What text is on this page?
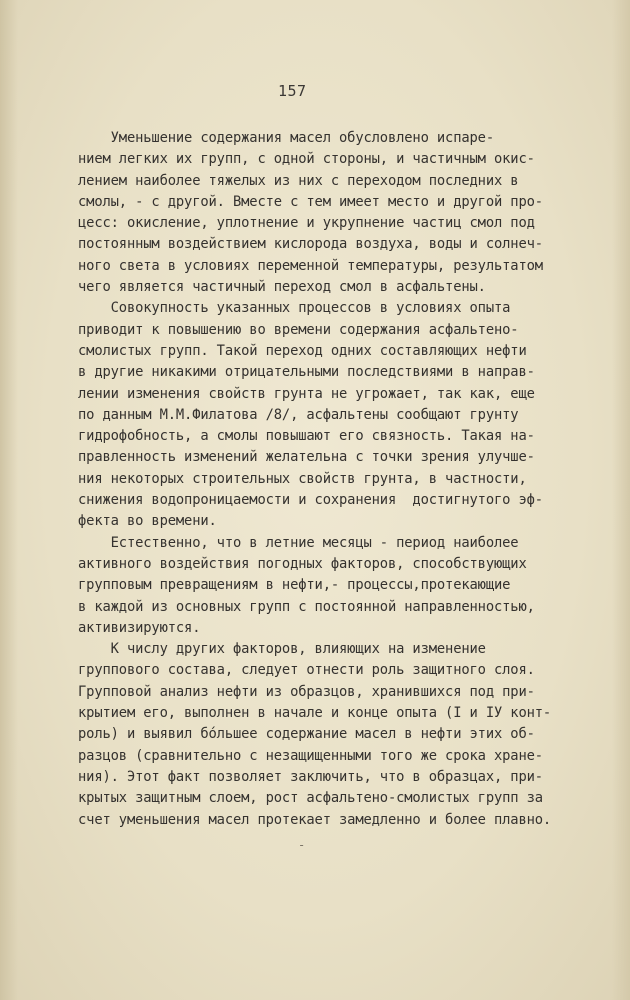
157
Уменьшение содержания масел обусловлено испаре-
нием легких их групп, с одной стороны, и частичным окис-
лением наиболее тяжелых из них с переходом последних в
смолы, - с другой. Вместе с тем имеет место и другой про-
цесс: окисление, уплотнение и укрупнение частиц смол под
постоянным воздействием кислорода воздуха, воды и солнеч-
ного света в условиях переменной температуры, результатом
чего является частичный переход смол в асфальтены.
Совокупность указанных процессов в условиях опыта
приводит к повышению во времени содержания асфальтено-
смолистых групп. Такой переход одних составляющих нефти
в другие никакими отрицательными последствиями в направ-
лении изменения свойств грунта не угрожает, так как, еще
по данным М.М.Филатова /8/, асфальтены сообщают грунту
гидрофобность, а смолы повышают его связность. Такая на-
правленность изменений желательна с точки зрения улучше-
ния некоторых строительных свойств грунта, в частности,
снижения водопроницаемости и сохранения  достигнутого эф-
фекта во времени.
Естественно, что в летние месяцы - период наиболее
активного воздействия погодных факторов, способствующих
групповым превращениям в нефти,- процессы,протекающие
в каждой из основных групп с постоянной направленностью,
активизируются.
К числу других факторов, влияющих на изменение
группового состава, следует отнести роль защитного слоя.
Групповой анализ нефти из образцов, хранившихся под при-
крытием его, выполнен в начале и конце опыта (I и IУ конт-
роль) и выявил бо́льшее содержание масел в нефти этих об-
разцов (сравнительно с незащищенными того же срока хране-
ния). Этот факт позволяет заключить, что в образцах, при-
крытых защитным слоем, рост асфальтено-смолистых групп за
счет уменьшения масел протекает замедленно и более плавно.
-
